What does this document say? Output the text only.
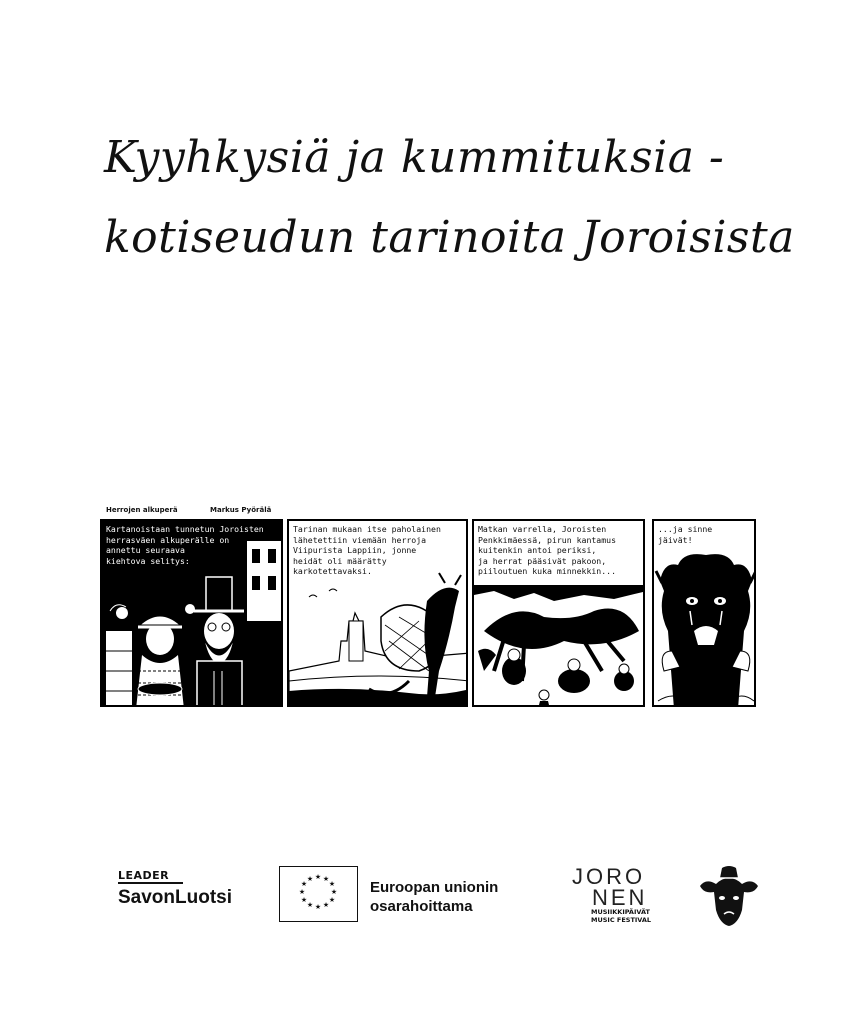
Kyyhkysiä ja kummituksia -
kotiseudun tarinoita Joroisista
Herrojen alkuperä	Markus Pyörälä
Kartanoistaan tunnetun Joroisten
herrasväen alkuperälle on
annettu seuraava
kiehtova selitys:
Tarinan mukaan itse paholainen
lähetettiin viemään herroja
Viipurista Lappiin, jonne
heidät oli määrätty
karkotettavaksi.
Matkan varrella, Joroisten
Penkkimäessä, pirun kantamus
kuitenkin antoi periksi,
ja herrat pääsivät pakoon,
piiloutuen kuka minnekkin...
...ja sinne jäivät!
LEADER
SavonLuotsi
★ ★
★
★
★
★
★
★
★
★
★
★	Euroopan unionin
osarahoittama
JORO
NEN
MUSIIKKIPÄIVÄT
MUSIC FESTIVAL
